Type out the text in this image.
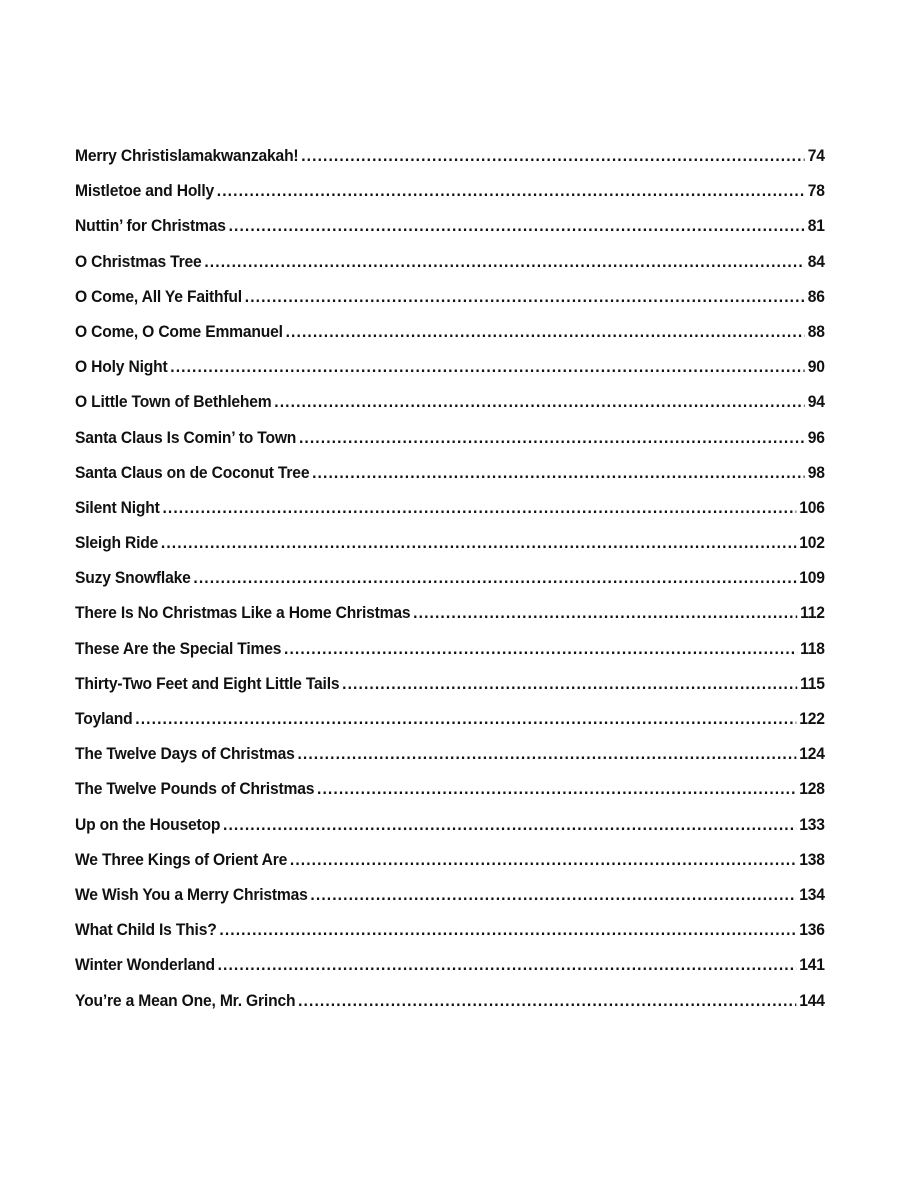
Merry Christislamakwanzakah! .....	74
Mistletoe and Holly .....	78
Nuttin’ for Christmas .....	81
O Christmas Tree .....	84
O Come, All Ye Faithful .....	86
O Come, O Come Emmanuel .....	88
O Holy Night .....	90
O Little Town of Bethlehem .....	94
Santa Claus Is Comin’ to Town .....	96
Santa Claus on de Coconut Tree .....	98
Silent Night .....	106
Sleigh Ride .....	102
Suzy Snowflake .....	109
There Is No Christmas Like a Home Christmas .....	112
These Are the Special Times .....	118
Thirty-Two Feet and Eight Little Tails .....	115
Toyland .....	122
The Twelve Days of Christmas .....	124
The Twelve Pounds of Christmas .....	128
Up on the Housetop .....	133
We Three Kings of Orient Are .....	138
We Wish You a Merry Christmas .....	134
What Child Is This? .....	136
Winter Wonderland .....	141
You’re a Mean One, Mr. Grinch .....	144
